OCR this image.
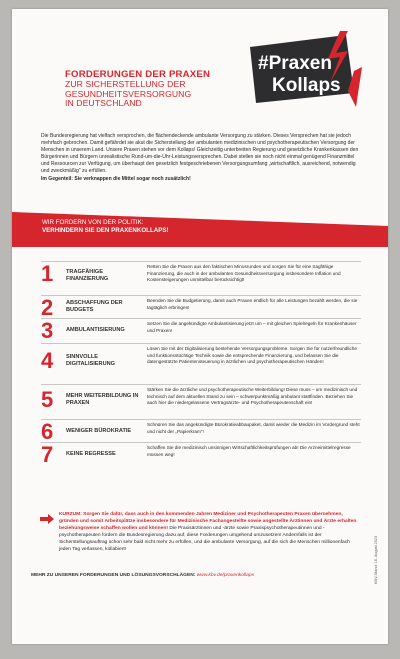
FORDERUNGEN DER PRAXEN
ZUR SICHERSTELLUNG DER
GESUNDHEITSVERSORGUNG
IN DEUTSCHLAND
#Praxen
Kollaps

Die Bundesregierung hat vielfach versprochen, die flächendeckende ambulante Versorgung zu stärken. Dieses Versprechen hat sie jedoch mehrfach gebrochen. Damit gefährdet sie akut die Sicherstellung der ambulanten medizinischen und psychotherapeutischen Versorgung der Menschen in unserem Land. Unsere Praxen stehen vor dem Kollaps! Gleichzeitig unterbreiten Regierung und gesetzliche Krankenkassen den Bürgerinnen und Bürgern unrealistische Rund-um-die-Uhr-Leistungsversprechen. Dabei stellen sie noch nicht einmal genügend Finanzmittel und Ressourcen zur Verfügung, um überhaupt den gesetzlich festgeschriebenen Versorgungsumfang „wirtschaftlich, ausreichend, notwendig und zweckmäßig“ zu erfüllen.

Im Gegenteil: Sie verknappen die Mittel sogar noch zusätzlich!

WIR FORDERN VON DER POLITIK:
VERHINDERN SIE DEN PRAXENKOLLAPS!
1 TRAGFÄHIGE FINANZIERUNG
Retten Sie die Praxen aus den faktischen Minusrunden und sorgen Sie für eine tragfähige Finanzierung, die auch in der ambulanten Gesundheitsversorgung insbesondere Inflation und Kostensteigerungen unmittelbar berücksichtigt!
2 ABSCHAFFUNG DER BUDGETS
Beenden Sie die Budgetierung, damit auch Praxen endlich für alle Leistungen bezahlt werden, die sie tagtäglich erbringen!
3 AMBULANTISIERUNG
Setzen Sie die angekündigte Ambulantisierung jetzt um – mit gleichen Spielregeln für Krankenhäuser und Praxen!
4 SINNVOLLE DIGITALISIERUNG
Lösen Sie mit der Digitalisierung bestehende Versorgungsprobleme. Sorgen Sie für nutzerfreundliche und funktionsstüchtige Technik sowie die entsprechende Finanzierung, und belassen Sie die datengestützte Patientensteuerung in ärztlichen und psychotherapeutischen Händen!
5 MEHR WEITERBILDUNG IN PRAXEN
Stärken Sie die ärztliche und psychotherapeutische Weiterbildung! Diese muss – um medizinisch und technisch auf dem aktuellen Stand zu sein – schwerpunktmäßig ambulant stattfinden. Beziehen Sie auch hier die niedergelassene Vertragsärzte- und Psychotherapeutenschaft ein!
6 WENIGER BÜROKRATIE
Schnüren Sie das angekündigte Bürokratieabbaupaket, damit wieder die Medizin im Vordergrund steht und nicht der „Papierkram“!
7 KEINE REGRESSE
Schaffen Sie die medizinisch unsinnigen Wirtschaftlichkeitsprüfungen ab! Die Arzneimittelregresse müssen weg!
KURZUM: Sorgen Sie dafür, dass auch in den kommenden Jahren Mediziner und Psychotherapeuten Praxen übernehmen, gründen und somit Arbeitsplätze insbesondere für Medizinische Fachangestellte sowie angestellte Ärztinnen und Ärzte erhalten beziehungsweise schaffen wollen und können! Die Praxisärztinnen und -ärzte sowie Praxispsychotherapeutinnen und -psychotherapeuten fordern die Bundesregierung dazu auf, diese Forderungen umgehend umzusetzen! Andernfalls ist der Sicherstellungsauftrag schon sehr bald nicht mehr zu erfüllen, und die ambulante Versorgung, auf die sich die Menschen millionenfach jeden Tag verlassen, kollabiert!
MEHR ZU UNSEREN FORDERUNGEN UND LÖSUNGSVORSCHLÄGEN: www.kbv.de/praxenkollaps	KBV-Stand: 16. August 2023
